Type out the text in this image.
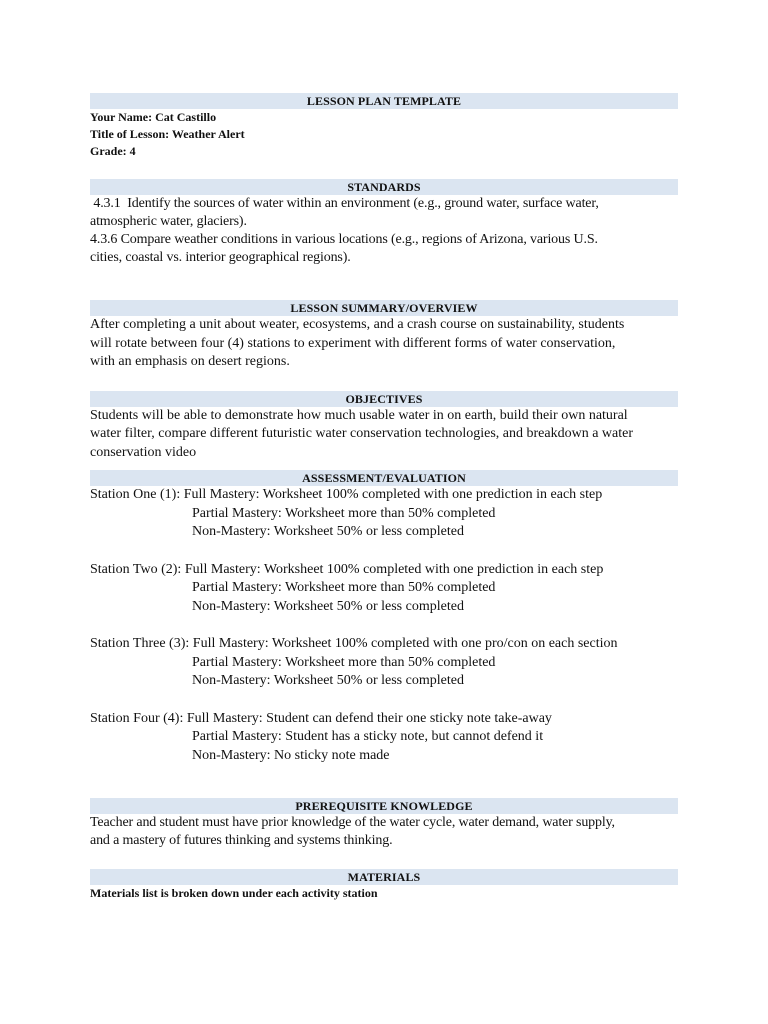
LESSON PLAN TEMPLATE
Your Name: Cat Castillo
Title of Lesson: Weather Alert
Grade: 4
STANDARDS
4.3.1  Identify the sources of water within an environment (e.g., ground water, surface water,
atmospheric water, glaciers).
4.3.6 Compare weather conditions in various locations (e.g., regions of Arizona, various U.S.
cities, coastal vs. interior geographical regions).
LESSON SUMMARY/OVERVIEW
After completing a unit about weater, ecosystems, and a crash course on sustainability, students
will rotate between four (4) stations to experiment with different forms of water conservation,
with an emphasis on desert regions.
OBJECTIVES
Students will be able to demonstrate how much usable water in on earth, build their own natural
water filter, compare different futuristic water conservation technologies, and breakdown a water
conservation video
ASSESSMENT/EVALUATION
Station One (1): Full Mastery: Worksheet 100% completed with one prediction in each step
Partial Mastery: Worksheet more than 50% completed
Non-Mastery: Worksheet 50% or less completed
Station Two (2): Full Mastery: Worksheet 100% completed with one prediction in each step
Partial Mastery: Worksheet more than 50% completed
Non-Mastery: Worksheet 50% or less completed
Station Three (3): Full Mastery: Worksheet 100% completed with one pro/con on each section
Partial Mastery: Worksheet more than 50% completed
Non-Mastery: Worksheet 50% or less completed
Station Four (4): Full Mastery: Student can defend their one sticky note take-away
Partial Mastery: Student has a sticky note, but cannot defend it
Non-Mastery: No sticky note made
PREREQUISITE KNOWLEDGE
Teacher and student must have prior knowledge of the water cycle, water demand, water supply,
and a mastery of futures thinking and systems thinking.
MATERIALS
Materials list is broken down under each activity station
